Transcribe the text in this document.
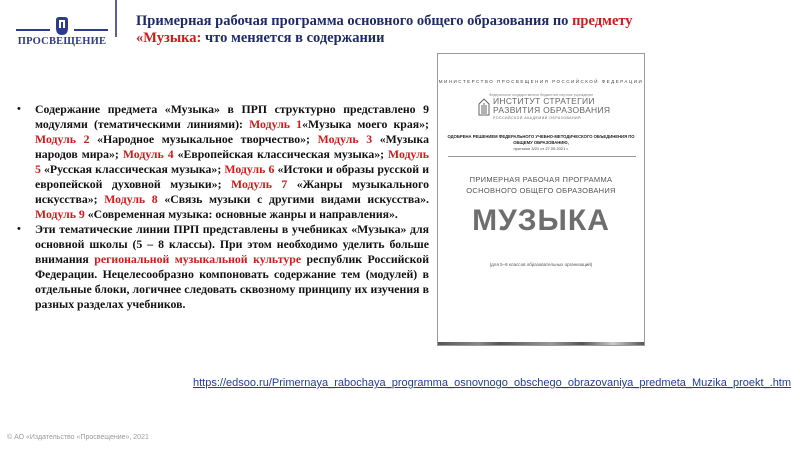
ПРОСВЕЩЕНИЕ
Примерная рабочая программа основного общего образования по предмету
«Музыка: что меняется в содержании
•	Содержание предмета «Музыка» в ПРП структурно представлено 9 модулями (тематическими линиями): Модуль 1«Музыка моего края»; Модуль 2 «Народное музыкальное творчество»; Модуль 3 «Музыка народов мира»; Модуль 4 «Европейская классическая музыка»; Модуль 5 «Русская классическая музыка»; Модуль 6 «Истоки и образы русской и европейской духовной музыки»; Модуль 7 «Жанры музыкального искусства»; Модуль 8 «Связь музыки с другими видами искусства». Модуль 9 «Современная музыка: основные жанры и направления».
•	Эти тематические линии ПРП представлены в учебниках «Музыка» для основной школы (5 – 8 классы). При этом необходимо уделить больше внимания региональной музыкальной культуре республик Российской Федерации. Нецелесообразно компоновать содержание тем (модулей) в отдельные блоки, логичнее следовать сквозному принципу их изучения в разных разделах учебников.
МИНИСТЕРСТВО ПРОСВЕЩЕНИЯ РОССИЙСКОЙ ФЕДЕРАЦИИ
Федеральное государственное бюджетное научное учреждение
ИНСТИТУТ СТРАТЕГИИ
РАЗВИТИЯ ОБРАЗОВАНИЯ
РОССИЙСКОЙ АКАДЕМИИ ОБРАЗОВАНИЯ
ОДОБРЕНА РЕШЕНИЕМ ФЕДЕРАЛЬНОГО УЧЕБНО-МЕТОДИЧЕСКОГО ОБЪЕДИНЕНИЯ ПО ОБЩЕМУ ОБРАЗОВАНИЮ,
протокол 3/21 от 27.09.2021 г.
ПРИМЕРНАЯ РАБОЧАЯ ПРОГРАММА
ОСНОВНОГО ОБЩЕГО ОБРАЗОВАНИЯ
МУЗЫКА
(для 5–8 классов образовательных организаций)
https://edsoo.ru/Primernaya_rabochaya_programma_osnovnogo_obschego_obrazovaniya_predmeta_Muzika_proekt_.htm
© АО «Издательство «Просвещение», 2021
